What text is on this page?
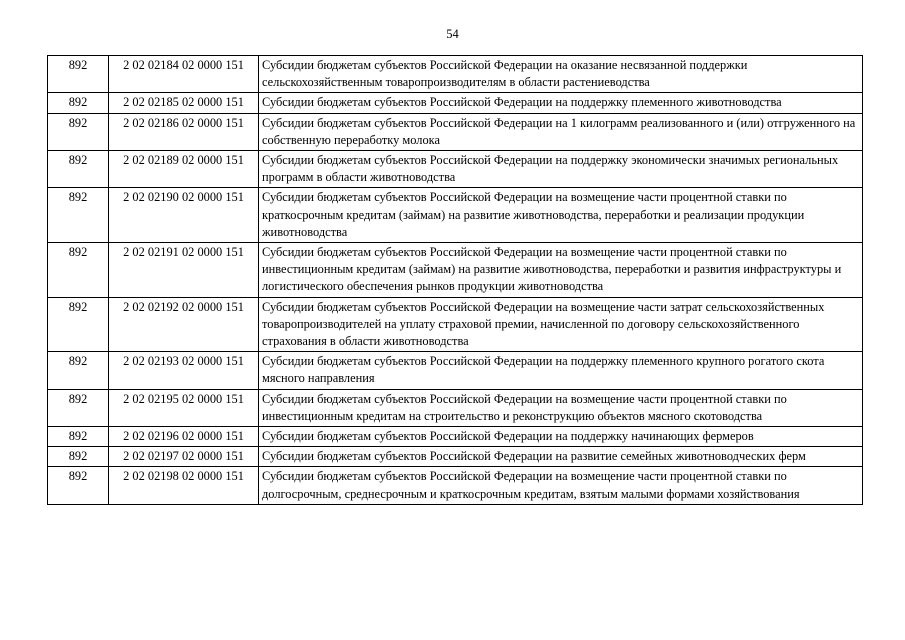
54
892	2 02 02184 02 0000 151	Субсидии бюджетам субъектов Российской Федерации на оказание несвязанной поддержки сельскохозяйственным товаропроизводителям в области растениеводства
892	2 02 02185 02 0000 151	Субсидии бюджетам субъектов Российской Федерации на поддержку племенного животноводства
892	2 02 02186 02 0000 151	Субсидии бюджетам субъектов Российской Федерации на 1 килограмм реализованного и (или) отгруженного на собственную переработку молока
892	2 02 02189 02 0000 151	Субсидии бюджетам субъектов Российской Федерации на поддержку экономически значимых региональных программ в области животноводства
892	2 02 02190 02 0000 151	Субсидии бюджетам субъектов Российской Федерации на возмещение части процентной ставки по краткосрочным кредитам (займам) на развитие животноводства, переработки и реализации продукции животноводства
892	2 02 02191 02 0000 151	Субсидии бюджетам субъектов Российской Федерации на возмещение части процентной ставки по инвестиционным кредитам (займам) на развитие животноводства, переработки и развития инфраструктуры и логистического обеспечения рынков продукции животноводства
892	2 02 02192 02 0000 151	Субсидии бюджетам субъектов Российской Федерации на возмещение части затрат сельскохозяйственных товаропроизводителей на уплату страховой премии, начисленной по договору сельскохозяйственного страхования в области животноводства
892	2 02 02193 02 0000 151	Субсидии бюджетам субъектов Российской Федерации на поддержку племенного крупного рогатого скота мясного направления
892	2 02 02195 02 0000 151	Субсидии бюджетам субъектов Российской Федерации на возмещение части процентной ставки по инвестиционным кредитам на строительство и реконструкцию объектов мясного скотоводства
892	2 02 02196 02 0000 151	Субсидии бюджетам субъектов Российской Федерации на поддержку начинающих фермеров
892	2 02 02197 02 0000 151	Субсидии бюджетам субъектов Российской Федерации на развитие семейных животноводческих ферм
892	2 02 02198 02 0000 151	Субсидии бюджетам субъектов Российской Федерации на возмещение части процентной ставки по долгосрочным, среднесрочным и краткосрочным кредитам, взятым малыми формами хозяйствования
